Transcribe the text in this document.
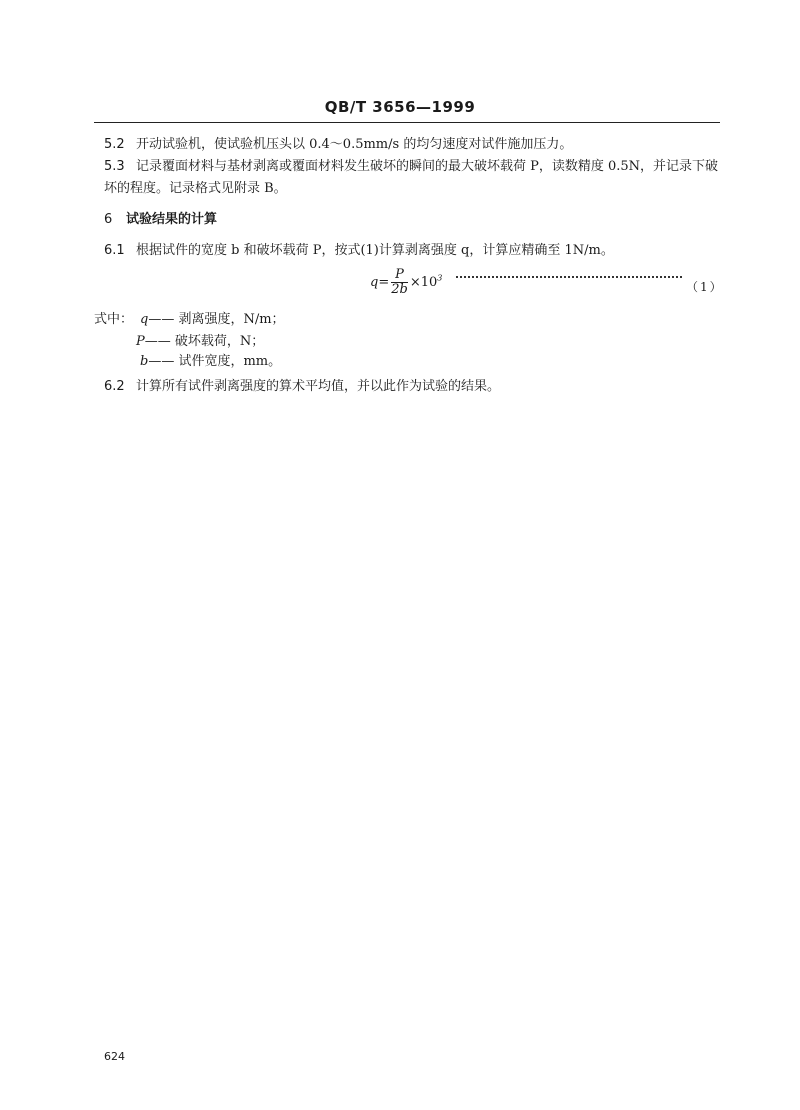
QB/T 3656—1999
5.2 开动试验机，使试验机压头以 0.4～0.5mm/s 的均匀速度对试件施加压力。
5.3 记录覆面材料与基材剥离或覆面材料发生破坏的瞬间的最大破坏载荷 P，读数精度 0.5N，并记录下破坏的程度。记录格式见附录 B。
6 试验结果的计算
6.1 根据试件的宽度 b 和破坏载荷 P，按式(1)计算剥离强度 q，计算应精确至 1N/m。
$q= \frac{P}{2b} \times 10^3$
（1）
式中： q—— 剥离强度，N/m；
P—— 破坏载荷，N；
b—— 试件宽度，mm。
6.2 计算所有试件剥离强度的算术平均值，并以此作为试验的结果。
624
